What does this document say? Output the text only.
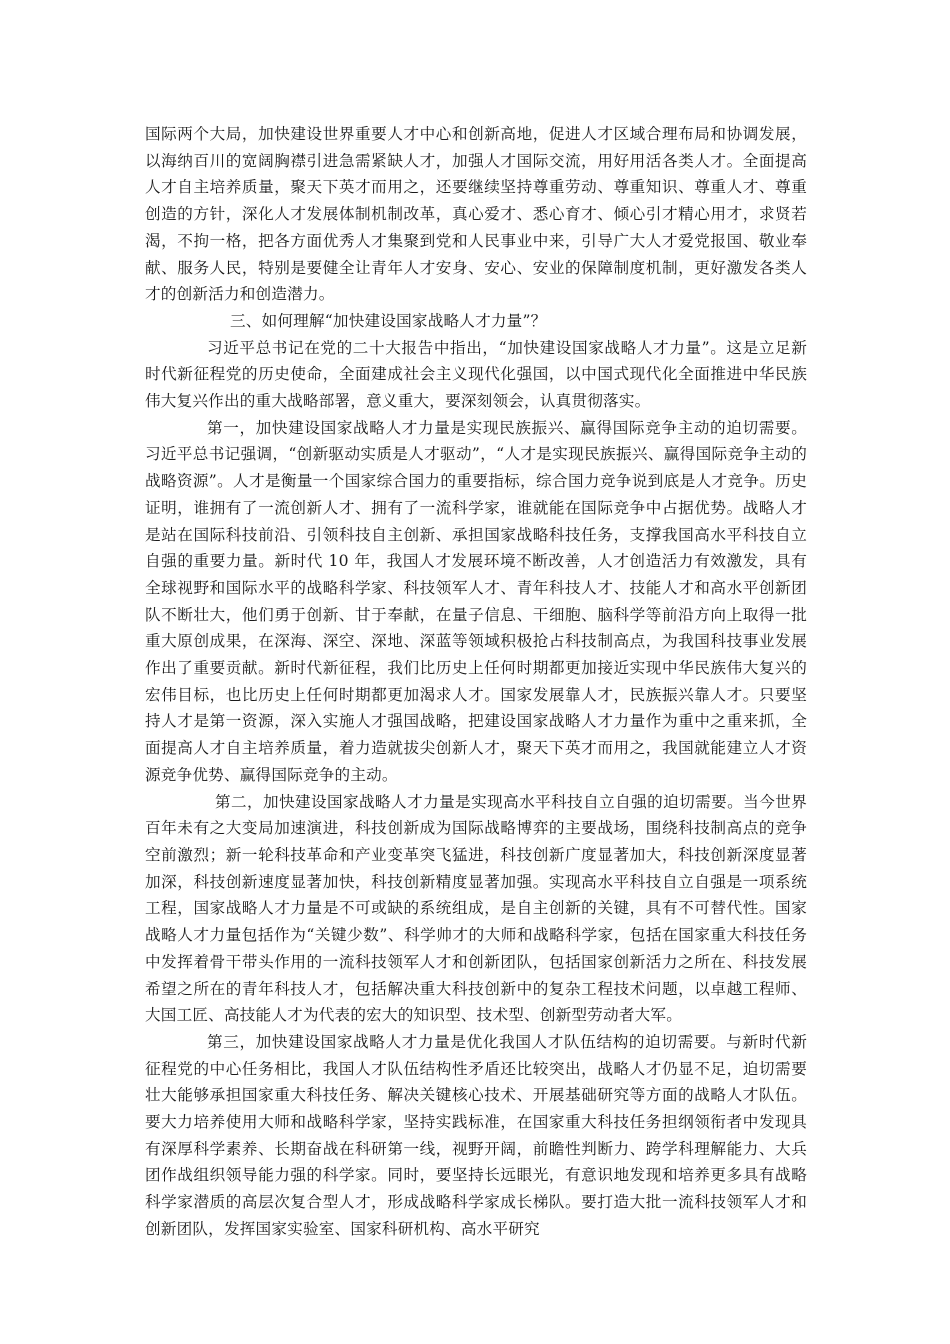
国际两个大局，加快建设世界重要人才中心和创新高地，促进人才区域合理布局和协调发展，以海纳百川的宽阔胸襟引进急需紧缺人才，加强人才国际交流，用好用活各类人才。全面提高人才自主培养质量，聚天下英才而用之，还要继续坚持尊重劳动、尊重知识、尊重人才、尊重创造的方针，深化人才发展体制机制改革，真心爱才、悉心育才、倾心引才精心用才，求贤若渴，不拘一格，把各方面优秀人才集聚到党和人民事业中来，引导广大人才爱党报国、敬业奉献、服务人民，特别是要健全让青年人才安身、安心、安业的保障制度机制，更好激发各类人才的创新活力和创造潜力。

三、如何理解“加快建设国家战略人才力量”？

习近平总书记在党的二十大报告中指出，“加快建设国家战略人才力量”。这是立足新时代新征程党的历史使命，全面建成社会主义现代化强国，以中国式现代化全面推进中华民族伟大复兴作出的重大战略部署，意义重大，要深刻领会，认真贯彻落实。

第一，加快建设国家战略人才力量是实现民族振兴、赢得国际竞争主动的迫切需要。习近平总书记强调，“创新驱动实质是人才驱动”，“人才是实现民族振兴、赢得国际竞争主动的战略资源”。人才是衡量一个国家综合国力的重要指标，综合国力竞争说到底是人才竞争。历史证明，谁拥有了一流创新人才、拥有了一流科学家，谁就能在国际竞争中占据优势。战略人才是站在国际科技前沿、引领科技自主创新、承担国家战略科技任务，支撑我国高水平科技自立自强的重要力量。新时代 10 年，我国人才发展环境不断改善，人才创造活力有效激发，具有全球视野和国际水平的战略科学家、科技领军人才、青年科技人才、技能人才和高水平创新团队不断壮大，他们勇于创新、甘于奉献，在量子信息、干细胞、脑科学等前沿方向上取得一批重大原创成果，在深海、深空、深地、深蓝等领域积极抢占科技制高点，为我国科技事业发展作出了重要贡献。新时代新征程，我们比历史上任何时期都更加接近实现中华民族伟大复兴的宏伟目标，也比历史上任何时期都更加渴求人才。国家发展靠人才，民族振兴靠人才。只要坚持人才是第一资源，深入实施人才强国战略，把建设国家战略人才力量作为重中之重来抓，全面提高人才自主培养质量，着力造就拔尖创新人才，聚天下英才而用之，我国就能建立人才资源竞争优势、赢得国际竞争的主动。

第二，加快建设国家战略人才力量是实现高水平科技自立自强的迫切需要。当今世界百年未有之大变局加速演进，科技创新成为国际战略博弈的主要战场，围绕科技制高点的竞争空前激烈；新一轮科技革命和产业变革突飞猛进，科技创新广度显著加大，科技创新深度显著加深，科技创新速度显著加快，科技创新精度显著加强。实现高水平科技自立自强是一项系统工程，国家战略人才力量是不可或缺的系统组成，是自主创新的关键，具有不可替代性。国家战略人才力量包括作为“关键少数”、科学帅才的大师和战略科学家，包括在国家重大科技任务中发挥着骨干带头作用的一流科技领军人才和创新团队，包括国家创新活力之所在、科技发展希望之所在的青年科技人才，包括解决重大科技创新中的复杂工程技术问题，以卓越工程师、大国工匠、高技能人才为代表的宏大的知识型、技术型、创新型劳动者大军。

第三，加快建设国家战略人才力量是优化我国人才队伍结构的迫切需要。与新时代新征程党的中心任务相比，我国人才队伍结构性矛盾还比较突出，战略人才仍显不足，迫切需要壮大能够承担国家重大科技任务、解决关键核心技术、开展基础研究等方面的战略人才队伍。要大力培养使用大师和战略科学家，坚持实践标准，在国家重大科技任务担纲领衔者中发现具有深厚科学素养、长期奋战在科研第一线，视野开阔，前瞻性判断力、跨学科理解能力、大兵团作战组织领导能力强的科学家。同时，要坚持长远眼光，有意识地发现和培养更多具有战略科学家潜质的高层次复合型人才，形成战略科学家成长梯队。要打造大批一流科技领军人才和创新团队，发挥国家实验室、国家科研机构、高水平研究
